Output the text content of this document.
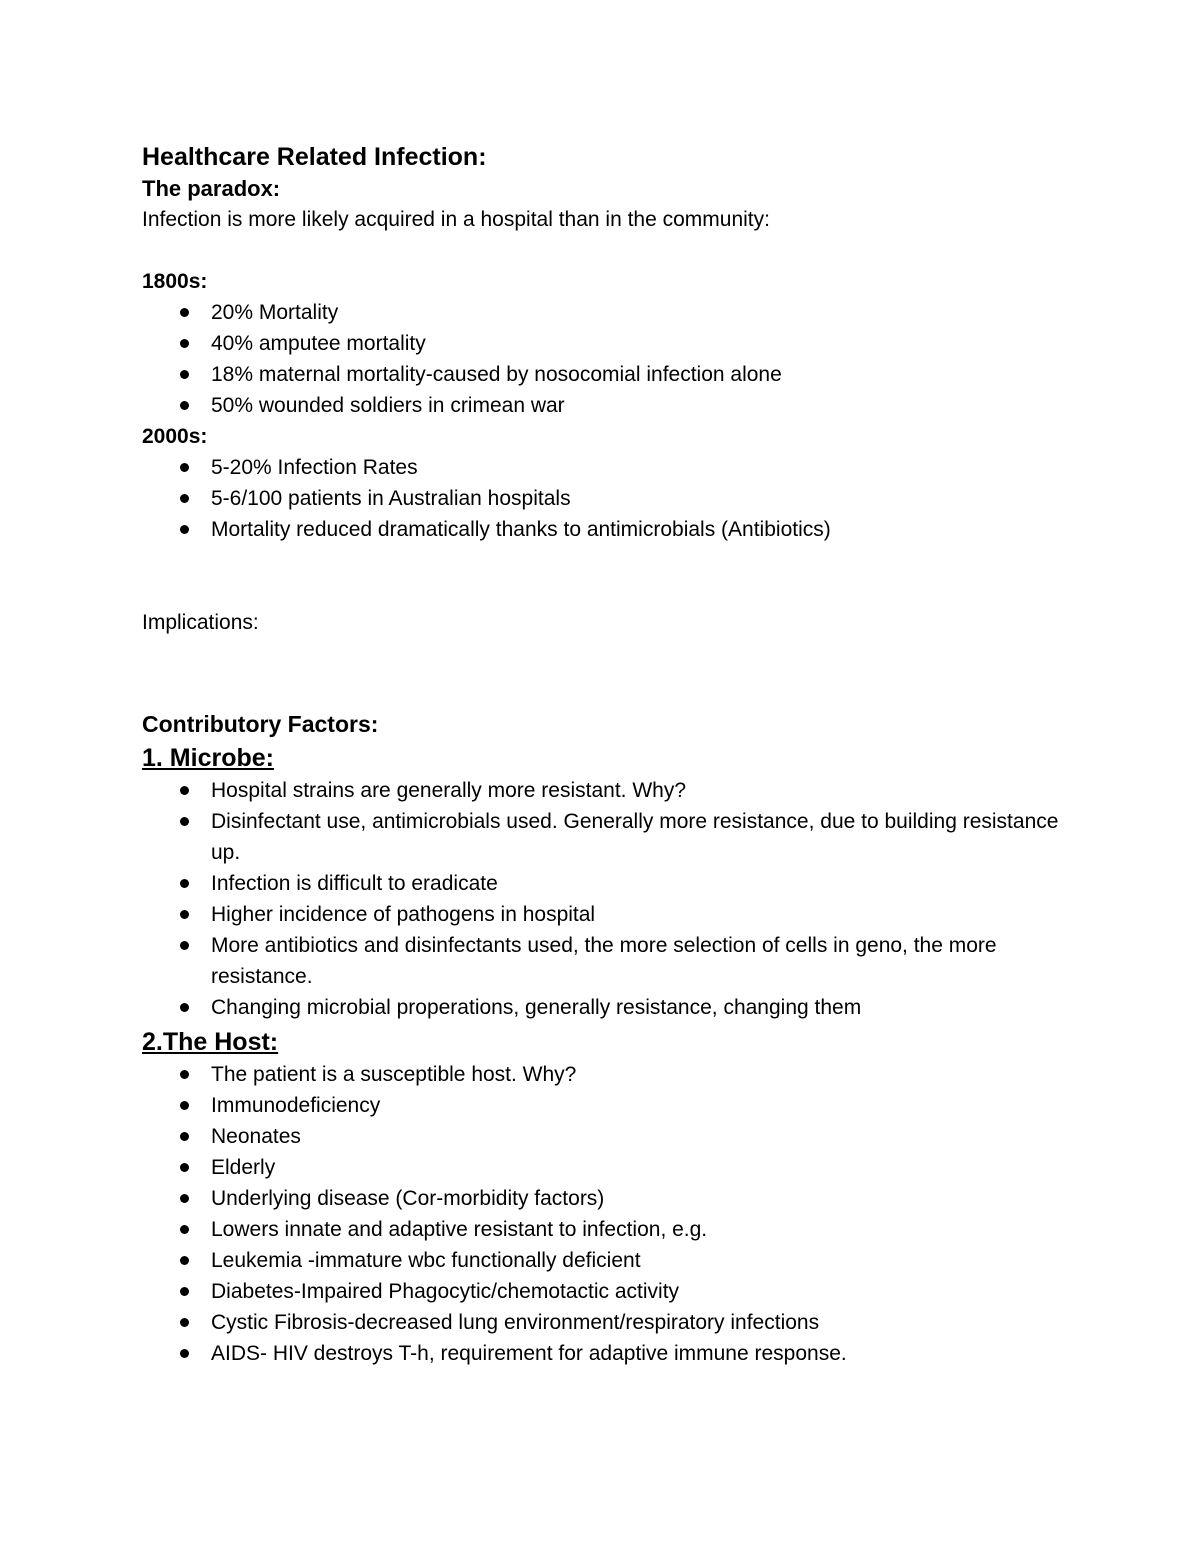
Healthcare Related Infection:
The paradox:

Infection is more likely acquired in a hospital than in the community:

1800s:
20% Mortality
40% amputee mortality
18% maternal mortality-caused by nosocomial infection alone
50% wounded soldiers in crimean war
2000s:
5-20% Infection Rates
5-6/100 patients in Australian hospitals
Mortality reduced dramatically thanks to antimicrobials (Antibiotics)

Implications:

Contributory Factors:
1. Microbe:
Hospital strains are generally more resistant. Why?
Disinfectant use, antimicrobials used. Generally more resistance, due to building resistance up.
Infection is difficult to eradicate
Higher incidence of pathogens in hospital
More antibiotics and disinfectants used, the more selection of cells in geno, the more resistance.
Changing microbial properations, generally resistance, changing them
2.The Host:
The patient is a susceptible host. Why?
Immunodeficiency
Neonates
Elderly
Underlying disease (Cor-morbidity factors)
Lowers innate and adaptive resistant to infection, e.g.
Leukemia -immature wbc functionally deficient
Diabetes-Impaired Phagocytic/chemotactic activity
Cystic Fibrosis-decreased lung environment/respiratory infections
AIDS- HIV destroys T-h, requirement for adaptive immune response.
